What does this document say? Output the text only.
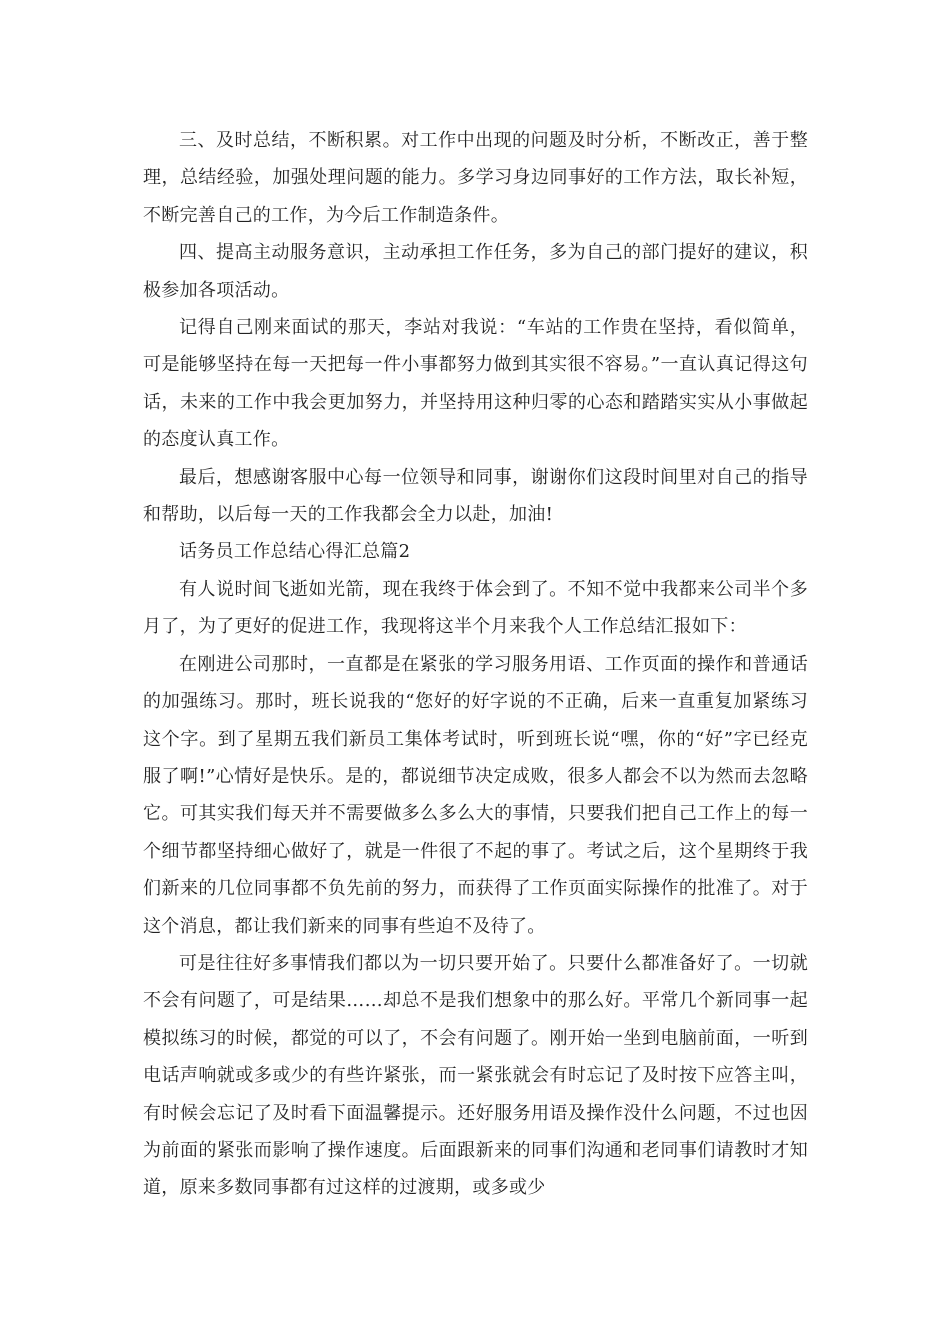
三、及时总结，不断积累。对工作中出现的问题及时分析，不断改正，善于整理，总结经验，加强处理问题的能力。多学习身边同事好的工作方法，取长补短，不断完善自己的工作，为今后工作制造条件。

四、提高主动服务意识，主动承担工作任务，多为自己的部门提好的建议，积极参加各项活动。

记得自己刚来面试的那天，李站对我说：“车站的工作贵在坚持，看似简单，可是能够坚持在每一天把每一件小事都努力做到其实很不容易。”一直认真记得这句话，未来的工作中我会更加努力，并坚持用这种归零的心态和踏踏实实从小事做起的态度认真工作。

最后，想感谢客服中心每一位领导和同事，谢谢你们这段时间里对自己的指导和帮助，以后每一天的工作我都会全力以赴，加油!

话务员工作总结心得汇总篇2

有人说时间飞逝如光箭，现在我终于体会到了。不知不觉中我都来公司半个多月了，为了更好的促进工作，我现将这半个月来我个人工作总结汇报如下：

在刚进公司那时，一直都是在紧张的学习服务用语、工作页面的操作和普通话的加强练习。那时，班长说我的“您好的好字说的不正确，后来一直重复加紧练习这个字。到了星期五我们新员工集体考试时，听到班长说“嘿，你的“好”字已经克服了啊!”心情好是快乐。是的，都说细节决定成败，很多人都会不以为然而去忽略它。可其实我们每天并不需要做多么多么大的事情，只要我们把自己工作上的每一个细节都坚持细心做好了，就是一件很了不起的事了。考试之后，这个星期终于我们新来的几位同事都不负先前的努力，而获得了工作页面实际操作的批准了。对于这个消息，都让我们新来的同事有些迫不及待了。

可是往往好多事情我们都以为一切只要开始了。只要什么都准备好了。一切就不会有问题了，可是结果……却总不是我们想象中的那么好。平常几个新同事一起模拟练习的时候，都觉的可以了，不会有问题了。刚开始一坐到电脑前面，一听到电话声响就或多或少的有些许紧张，而一紧张就会有时忘记了及时按下应答主叫，有时候会忘记了及时看下面温馨提示。还好服务用语及操作没什么问题，不过也因为前面的紧张而影响了操作速度。后面跟新来的同事们沟通和老同事们请教时才知道，原来多数同事都有过这样的过渡期，或多或少
